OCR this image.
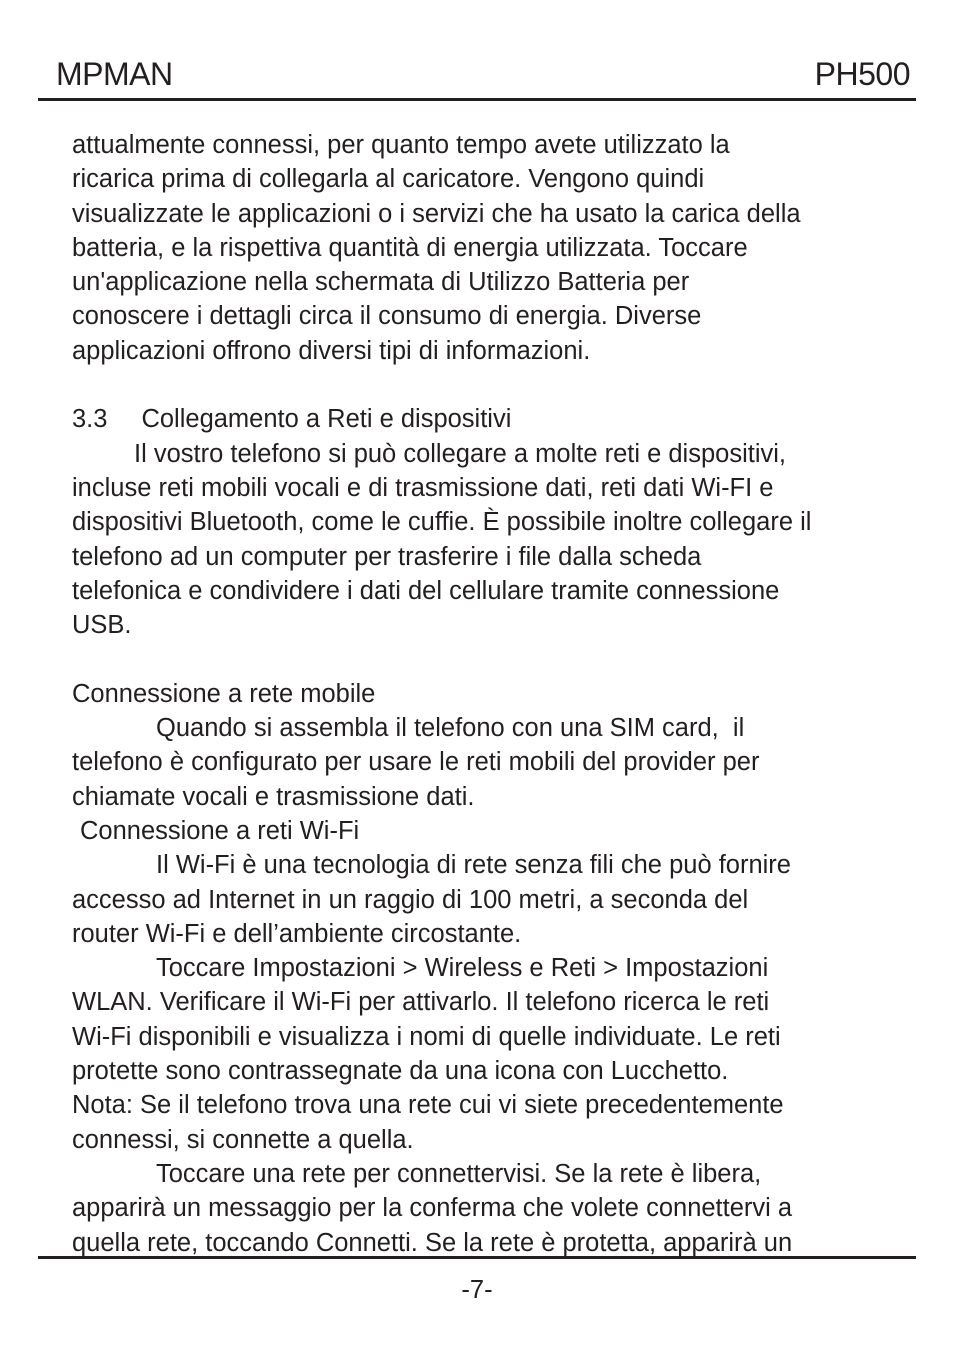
MPMAN	PH500
attualmente connessi, per quanto tempo avete utilizzato la
ricarica prima di collegarla al caricatore. Vengono quindi
visualizzate le applicazioni o i servizi che ha usato la carica della
batteria, e la rispettiva quantità di energia utilizzata. Toccare
un'applicazione nella schermata di Utilizzo Batteria per
conoscere i dettagli circa il consumo di energia. Diverse
applicazioni offrono diversi tipi di informazioni.
3.3 Collegamento a Reti e dispositivi
Il vostro telefono si può collegare a molte reti e dispositivi,
incluse reti mobili vocali e di trasmissione dati, reti dati Wi-FI e
dispositivi Bluetooth, come le cuffie. È possibile inoltre collegare il
telefono ad un computer per trasferire i file dalla scheda
telefonica e condividere i dati del cellulare tramite connessione
USB.
Connessione a rete mobile
Quando si assembla il telefono con una SIM card,  il
telefono è configurato per usare le reti mobili del provider per
chiamate vocali e trasmissione dati.
Connessione a reti Wi-Fi
Il Wi-Fi è una tecnologia di rete senza fili che può fornire
accesso ad Internet in un raggio di 100 metri, a seconda del
router Wi-Fi e dell’ambiente circostante.
Toccare Impostazioni > Wireless e Reti > Impostazioni
WLAN. Verificare il Wi-Fi per attivarlo. Il telefono ricerca le reti
Wi-Fi disponibili e visualizza i nomi di quelle individuate. Le reti
protette sono contrassegnate da una icona con Lucchetto.
Nota: Se il telefono trova una rete cui vi siete precedentemente
connessi, si connette a quella.
Toccare una rete per connettervisi. Se la rete è libera,
apparirà un messaggio per la conferma che volete connettervi a
quella rete, toccando Connetti. Se la rete è protetta, apparirà un
-7-
